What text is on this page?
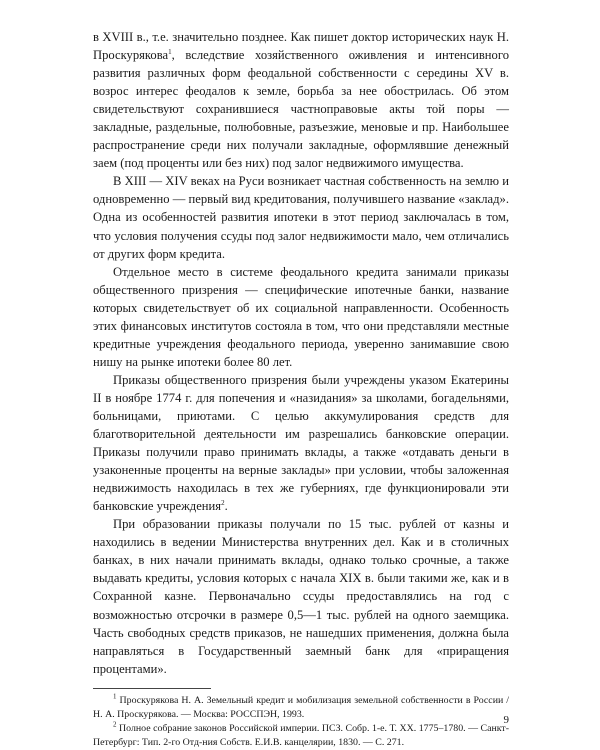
в XVIII в., т.е. значительно позднее. Как пишет доктор исторических наук Н. Проскурякова$^1$, вследствие хозяйственного оживления и интенсивного развития различных форм феодальной собственности с середины XV в. возрос интерес феодалов к земле, борьба за нее обострилась. Об этом свидетельствуют сохранившиеся частноправовые акты той поры — закладные, раздельные, полюбовные, разъезжие, меновые и пр. Наибольшее распространение среди них получали закладные, оформлявшие денежный заем (под проценты или без них) под залог недвижимого имущества.

В XIII — XIV веках на Руси возникает частная собственность на землю и одновременно — первый вид кредитования, получившего название «заклад». Одна из особенностей развития ипотеки в этот период заключалась в том, что условия получения ссуды под залог недвижимости мало, чем отличались от других форм кредита.

Отдельное место в системе феодального кредита занимали приказы общественного призрения — специфические ипотечные банки, название которых свидетельствует об их социальной направленности. Особенность этих финансовых институтов состояла в том, что они представляли местные кредитные учреждения феодального периода, уверенно занимавшие свою нишу на рынке ипотеки более 80 лет.

Приказы общественного призрения были учреждены указом Екатерины II в ноябре 1774 г. для попечения и «назидания» за школами, богадельнями, больницами, приютами. С целью аккумулирования средств для благотворительной деятельности им разрешались банковские операции. Приказы получили право принимать вклады, а также «отдавать деньги в узаконенные проценты на верные заклады» при условии, чтобы заложенная недвижимость находилась в тех же губерниях, где функционировали эти банковские учреждения$^2$.

При образовании приказы получали по 15 тыс. рублей от казны и находились в ведении Министерства внутренних дел. Как и в столичных банках, в них начали принимать вклады, однако только срочные, а также выдавать кредиты, условия которых с начала XIX в. были такими же, как и в Сохранной казне. Первоначально ссуды предоставлялись на год с возможностью отсрочки в размере 0,5—1 тыс. рублей на одного заемщика. Часть свободных средств приказов, не нашедших применения, должна была направляться в Государственный заемный банк для «приращения процентами».

$^1$ Проскурякова Н. А. Земельный кредит и мобилизация земельной собственности в России / Н. А. Проскурякова. — Москва: РОССПЭН, 1993.

$^2$ Полное собрание законов Российской империи. ПСЗ. Собр. 1-е. Т. XX. 1775–1780. — Санкт-Петербург: Тип. 2-го Отд-ния Собств. Е.И.В. канцелярии, 1830. — С. 271.

9
